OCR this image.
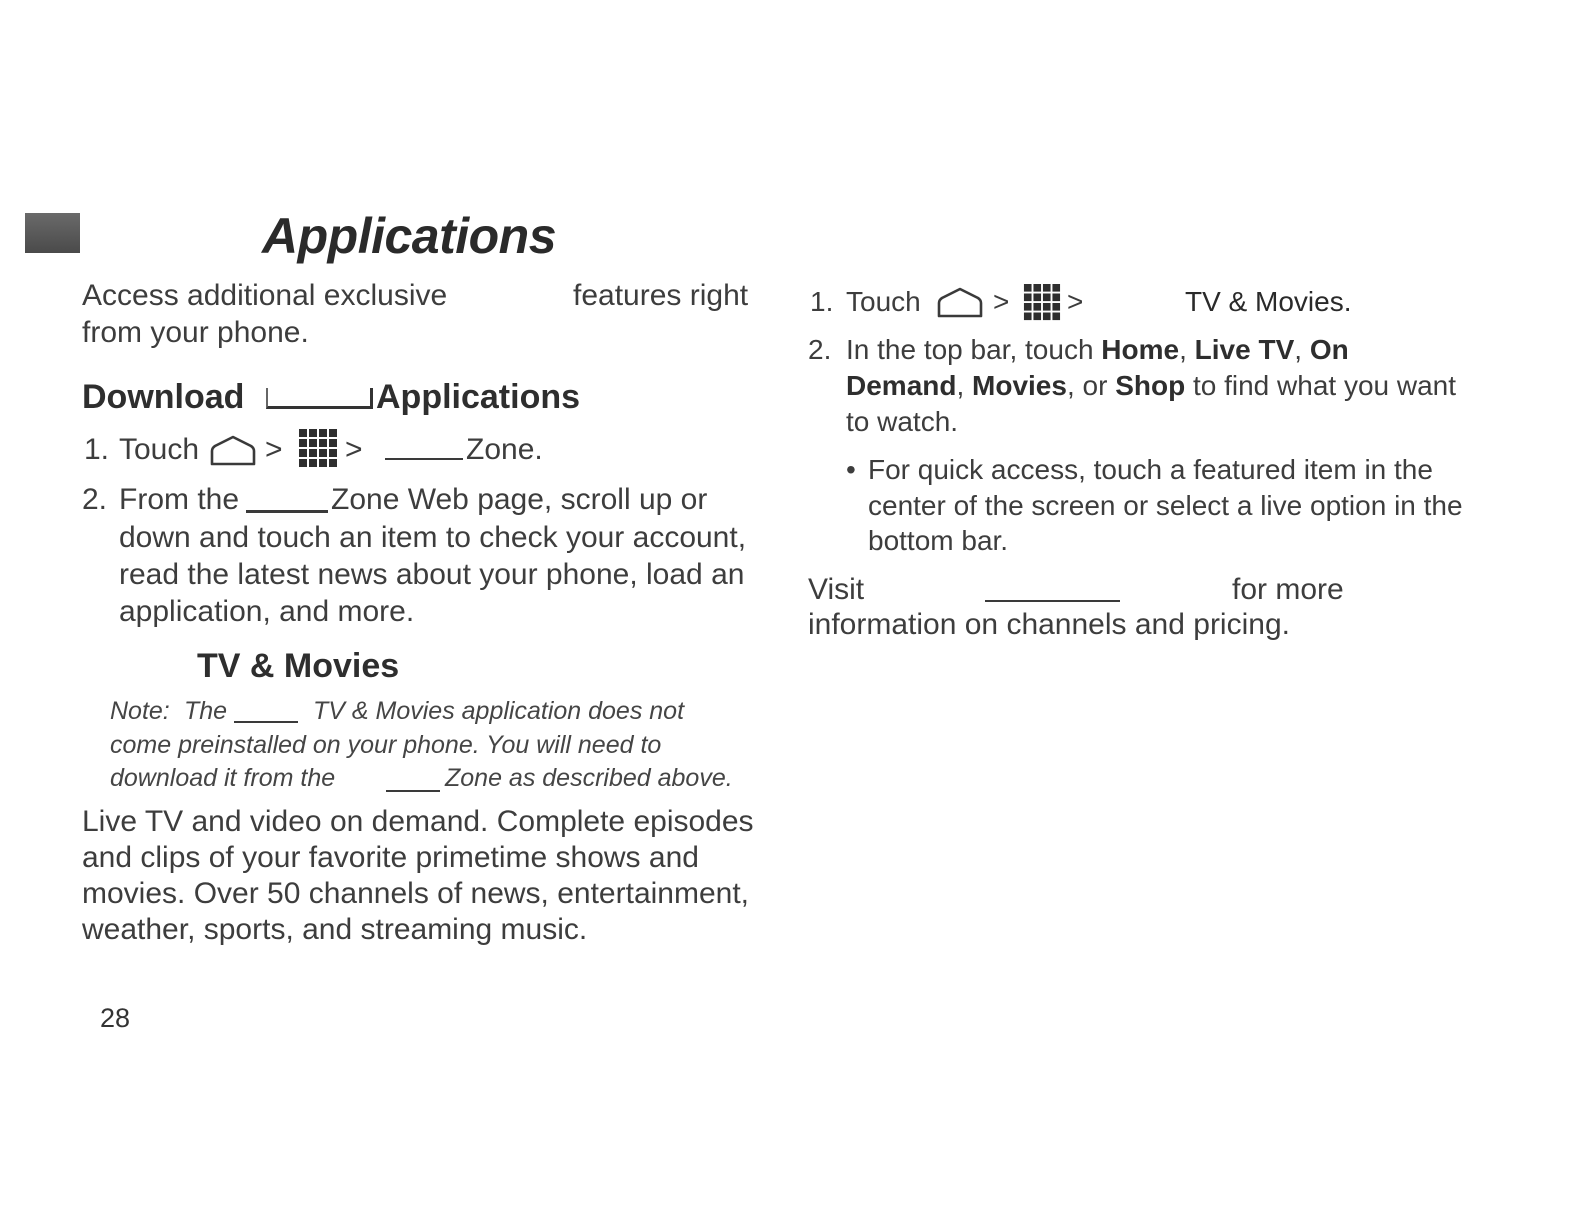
Applications
Access additional exclusive	features right
from your phone.
Download	Applications
1. Touch > >	Zone.
2. From the	Zone Web page, scroll up or
down and touch an item to check your account,
read the latest news about your phone, load an
application, and more.
TV & Movies
Note: The	TV & Movies application does not
come preinstalled on your phone. You will need to
download it from the	Zone as described above.
Live TV and video on demand. Complete episodes
and clips of your favorite primetime shows and
movies. Over 50 channels of news, entertainment,
weather, sports, and streaming music.
28
1. Touch	> >	TV & Movies.
2. In the top bar, touch Home, Live TV, On
Demand, Movies, or Shop to find what you want
to watch.
• For quick access, touch a featured item in the
center of the screen or select a live option in the
bottom bar.
Visit	for more
information on channels and pricing.
